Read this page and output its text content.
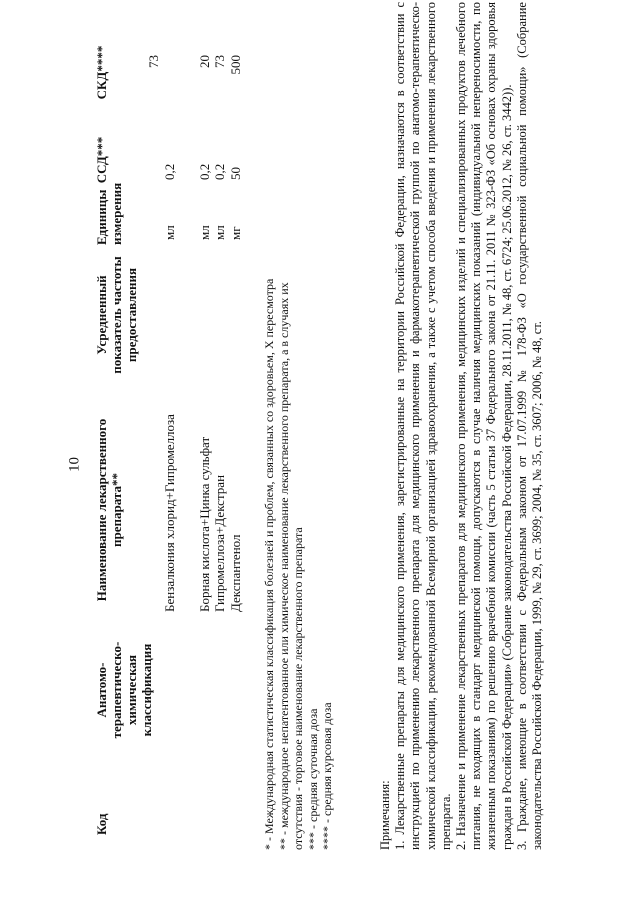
10
Код
Анатомо-терапевтическо-химическая классификация
Наименование лекарственного препарата**
Усредненный показатель частоты предоставления
Единицы измерения
ССД***
СКД****
Бензалкония хлорид+Гипромеллоза
мл
0,2
73
Борная кислота+Цинка сульфат
мл
0,2
20
Гипромеллоза+Декстран
мл
0,2
73
Декспантенол
мг
50
500
* - Международная статистическая классификация болезней и проблем, связанных со здоровьем, X пересмотра ** - международное непатентованное или химическое наименование лекарственного препарата, а в случаях их отсутствия - торговое наименование лекарственного препарата *** - средняя суточная доза **** - средняя курсовая доза	Примечания: 1. Лекарственные препараты для медицинского применения, зарегистрированные на территории Российской Федерации, назначаются в соответствии с инструкцией по применению лекарственного препарата для медицинского применения и фармакотерапевтической группой по анатомо-терапевтическо-химической классификации, рекомендованной Всемирной организацией здравоохранения, а также с учетом способа введения и применения лекарственного препарата. 2. Назначение и применение лекарственных препаратов для медицинского применения, медицинских изделий и специализированных продуктов лечебного питания, не входящих в стандарт медицинской помощи, допускаются в случае наличия медицинских показаний (индивидуальной непереносимости, по жизненным показаниям) по решению врачебной комиссии (часть 5 статьи 37 Федерального закона от 21.11. 2011 № 323-ФЗ «Об основах охраны здоровья граждан в Российской Федерации» (Собрание законодательства Российской Федерации, 28.11.2011, № 48, ст. 6724; 25.06.2012, № 26, ст. 3442)). 3. Граждане, имеющие в соответствии с Федеральным законом от 17.07.1999 № 178-ФЗ «О государственной социальной помощи» (Собрание законодательства Российской Федерации, 1999, № 29, ст. 3699; 2004, № 35, ст. 3607; 2006, № 48, ст.
